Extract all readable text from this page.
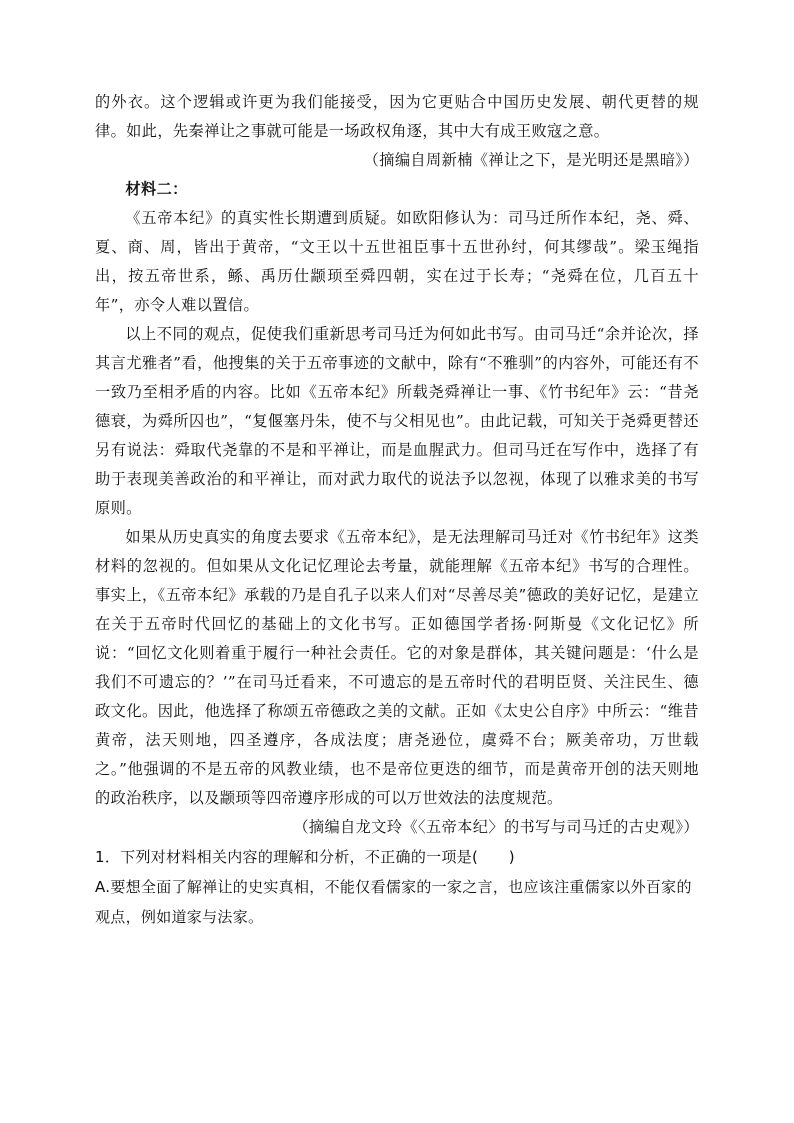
的外衣。这个逻辑或许更为我们能接受，因为它更贴合中国历史发展、朝代更替的规律。如此，先秦禅让之事就可能是一场政权角逐，其中大有成王败寇之意。

（摘编自周新楠《禅让之下，是光明还是黑暗》）

材料二：

《五帝本纪》的真实性长期遭到质疑。如欧阳修认为：司马迁所作本纪，尧、舜、夏、商、周，皆出于黄帝，“文王以十五世祖臣事十五世孙纣，何其缪哉”。梁玉绳指出，按五帝世系，鲧、禹历仕颛顼至舜四朝，实在过于长寿；“尧舜在位，几百五十年”，亦令人难以置信。

以上不同的观点，促使我们重新思考司马迁为何如此书写。由司马迁“余并论次，择其言尤雅者”看，他搜集的关于五帝事迹的文献中，除有“不雅驯”的内容外，可能还有不一致乃至相矛盾的内容。比如《五帝本纪》所载尧舜禅让一事、《竹书纪年》云：“昔尧德衰，为舜所囚也”，“复偃塞丹朱，使不与父相见也”。由此记载，可知关于尧舜更替还另有说法：舜取代尧靠的不是和平禅让，而是血腥武力。但司马迁在写作中，选择了有助于表现美善政治的和平禅让，而对武力取代的说法予以忽视，体现了以雅求美的书写原则。

如果从历史真实的角度去要求《五帝本纪》，是无法理解司马迁对《竹书纪年》这类材料的忽视的。但如果从文化记忆理论去考量，就能理解《五帝本纪》书写的合理性。事实上，《五帝本纪》承载的乃是自孔子以来人们对“尽善尽美”德政的美好记忆，是建立在关于五帝时代回忆的基础上的文化书写。正如德国学者扬·阿斯曼《文化记忆》所说：“回忆文化则着重于履行一种社会责任。它的对象是群体，其关键问题是：‘什么是我们不可遗忘的？’”在司马迁看来，不可遗忘的是五帝时代的君明臣贤、关注民生、德政文化。因此，他选择了称颂五帝德政之美的文献。正如《太史公自序》中所云：“维昔黄帝，法天则地，四圣遵序，各成法度；唐尧逊位，虞舜不台；厥美帝功，万世载之。”他强调的不是五帝的风教业绩，也不是帝位更迭的细节，而是黄帝开创的法天则地的政治秩序，以及颛顼等四帝遵序形成的可以万世效法的法度规范。

（摘编自龙文玲《〈五帝本纪〉的书写与司马迁的古史观》）

1．下列对材料相关内容的理解和分析，不正确的一项是(　　)

A.要想全面了解禅让的史实真相，不能仅看儒家的一家之言，也应该注重儒家以外百家的观点，例如道家与法家。
